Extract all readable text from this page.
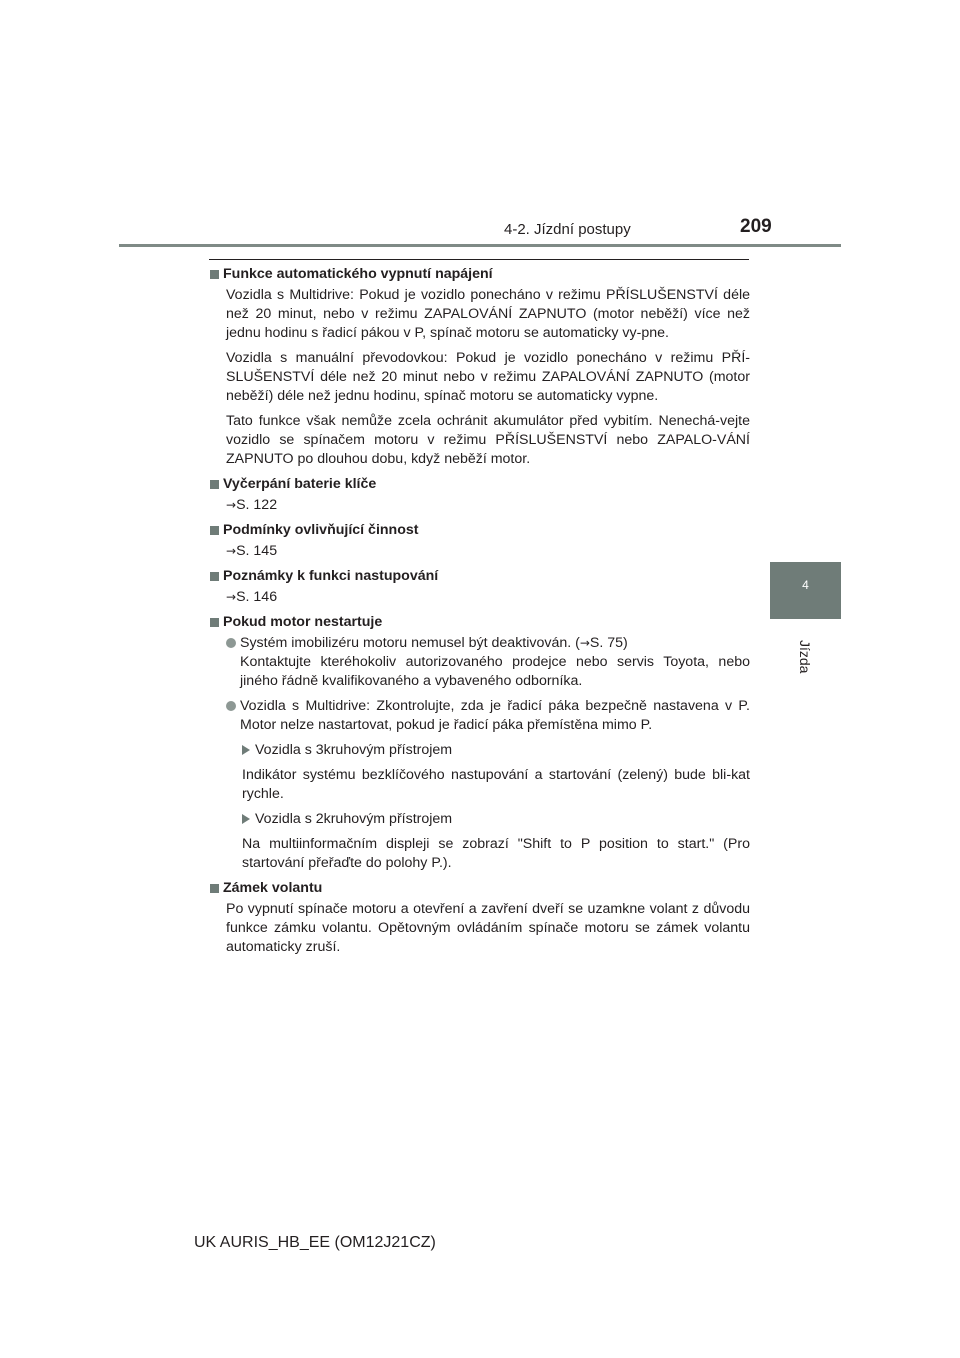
4-2. Jízdní postupy	209
4
Jízda
Funkce automatického vypnutí napájení

Vozidla s Multidrive: Pokud je vozidlo ponecháno v režimu PŘÍSLUŠENSTVÍ déle než 20 minut, nebo v režimu ZAPALOVÁNÍ ZAPNUTO (motor neběží) více než jednu hodinu s řadicí pákou v P, spínač motoru se automaticky vy-pne.

Vozidla s manuální převodovkou: Pokud je vozidlo ponecháno v režimu PŘÍ-SLUŠENSTVÍ déle než 20 minut nebo v režimu ZAPALOVÁNÍ ZAPNUTO (motor neběží) déle než jednu hodinu, spínač motoru se automaticky vypne.

Tato funkce však nemůže zcela ochránit akumulátor před vybitím. Nenechá-vejte vozidlo se spínačem motoru v režimu PŘÍSLUŠENSTVÍ nebo ZAPALO-VÁNÍ ZAPNUTO po dlouhou dobu, když neběží motor.

Vyčerpání baterie klíče
→S. 122
Podmínky ovlivňující činnost
→S. 145
Poznámky k funkci nastupování
→S. 146
Pokud motor nestartuje
Systém imobilizéru motoru nemusel být deaktivován. (→S. 75)
Kontaktujte kteréhokoliv autorizovaného prodejce nebo servis Toyota, nebo jiného řádně kvalifikovaného a vybaveného odborníka.
Vozidla s Multidrive: Zkontrolujte, zda je řadicí páka bezpečně nastavena v P. Motor nelze nastartovat, pokud je řadicí páka přemístěna mimo P.
Vozidla s 3kruhovým přístrojem

Indikátor systému bezklíčového nastupování a startování (zelený) bude bli-kat rychle.

Vozidla s 2kruhovým přístrojem

Na multiinformačním displeji se zobrazí "Shift to P position to start." (Pro startování přeřaďte do polohy P.).

Zámek volantu

Po vypnutí spínače motoru a otevření a zavření dveří se uzamkne volant z důvodu funkce zámku volantu. Opětovným ovládáním spínače motoru se zámek volantu automaticky zruší.

UK AURIS_HB_EE (OM12J21CZ)
